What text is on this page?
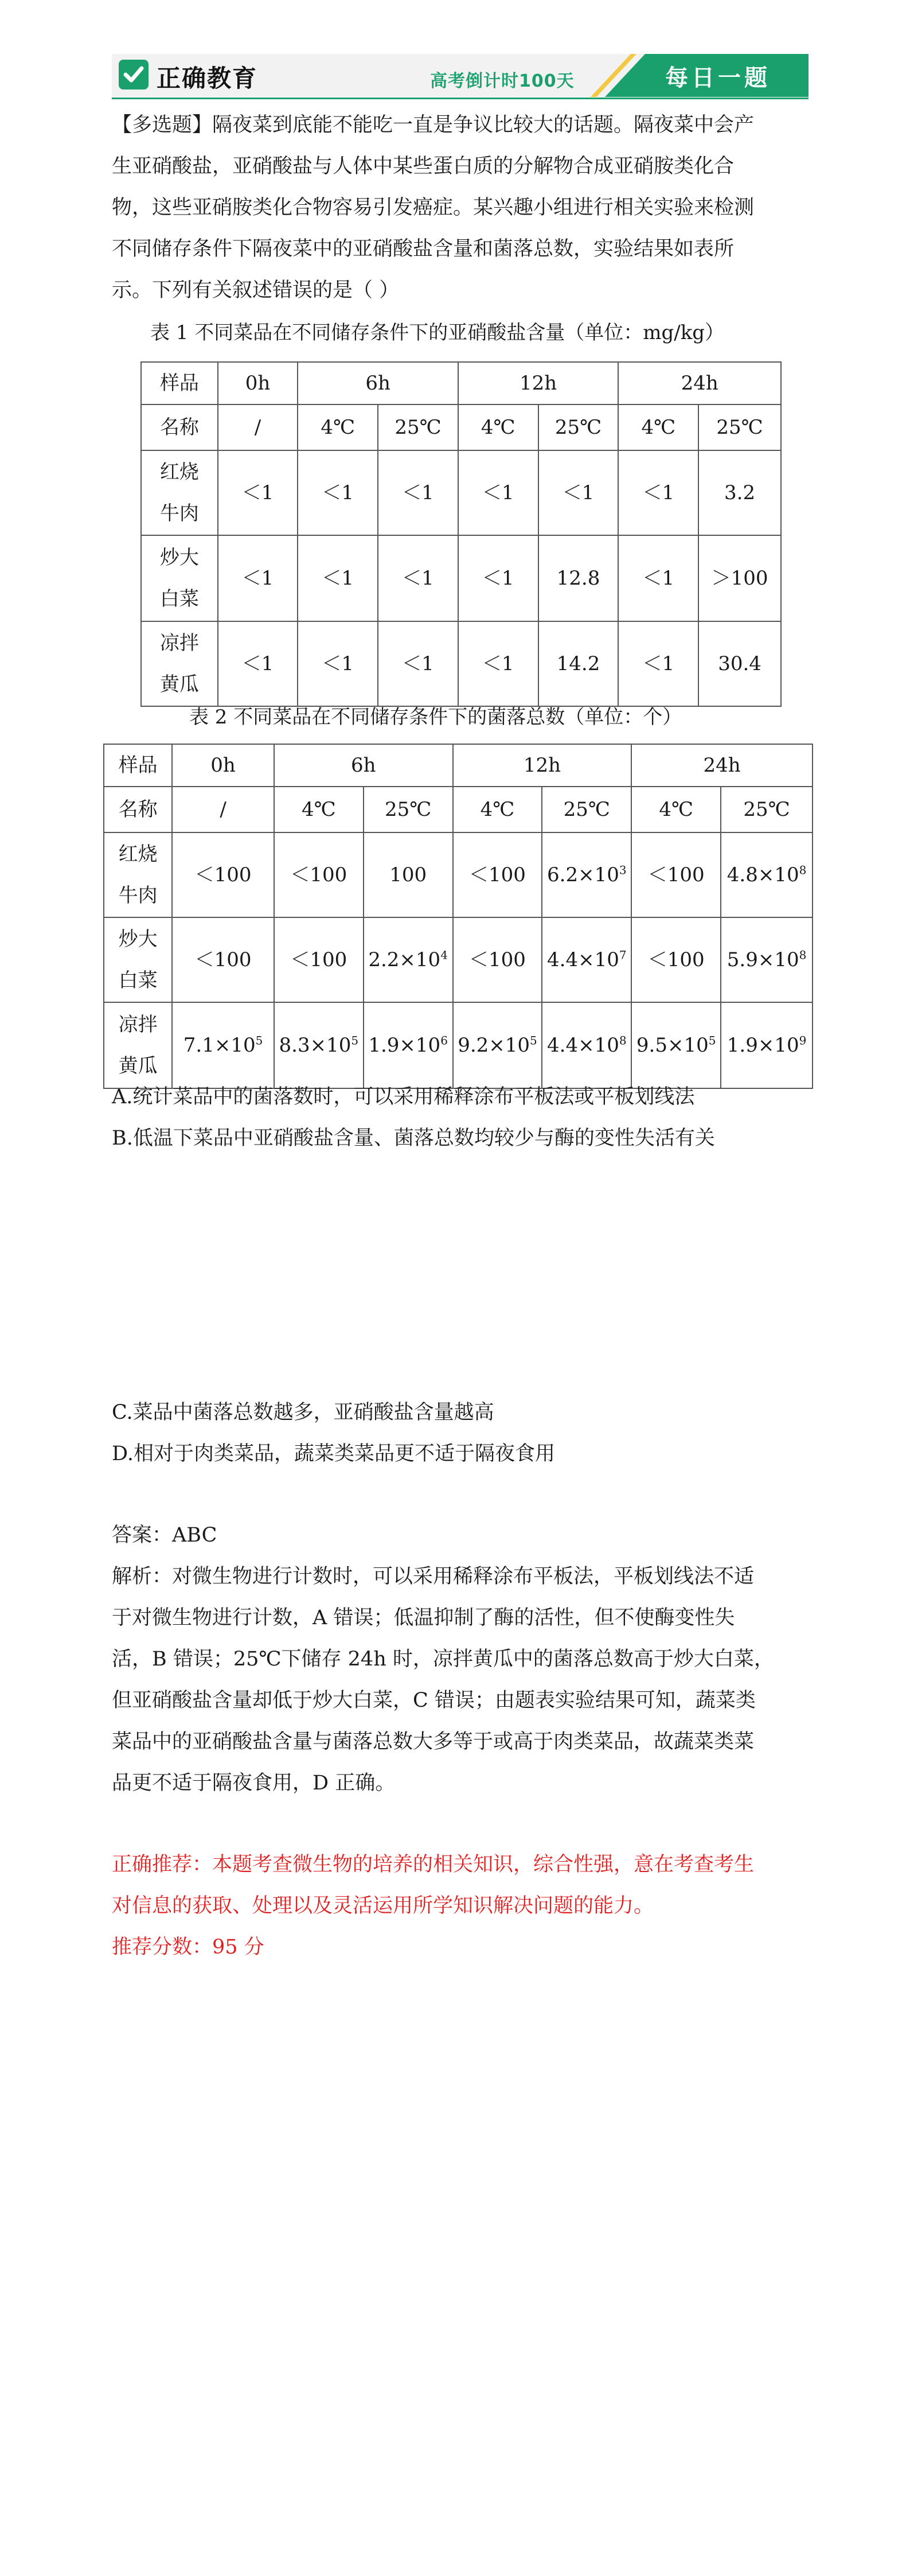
正确教育	高考倒计时100天	每日一题
【多选题】隔夜菜到底能不能吃一直是争议比较大的话题。隔夜菜中会产
生亚硝酸盐，亚硝酸盐与人体中某些蛋白质的分解物合成亚硝胺类化合
物，这些亚硝胺类化合物容易引发癌症。某兴趣小组进行相关实验来检测
不同储存条件下隔夜菜中的亚硝酸盐含量和菌落总数，实验结果如表所
示。下列有关叙述错误的是（ ）
表 1 不同菜品在不同储存条件下的亚硝酸盐含量（单位：mg/kg）
样品	0h	6h		12h		24h	
名称	/	4℃	25℃	4℃	25℃	4℃	25℃
红烧
牛肉	＜1	＜1	＜1	＜1	＜1	＜1	3.2
炒大
白菜	＜1	＜1	＜1	＜1	12.8	＜1	＞100
凉拌
黄瓜	＜1	＜1	＜1	＜1	14.2	＜1	30.4
表 2 不同菜品在不同储存条件下的菌落总数（单位：个）
样品	0h	6h		12h		24h	
名称	/	4℃	25℃	4℃	25℃	4℃	25℃
红烧
牛肉	＜100	＜100	100	＜100	$6.2\times 10^3$	＜100	$4.8\times 10^8$
炒大
白菜	＜100	＜100	$2.2\times 10^4$	＜100	$4.4\times 10^7$	＜100	$5.9\times 10^8$
凉拌
黄瓜	$7.1\times 10^5$	$8.3\times 10^5$	$1.9\times 10^6$	$9.2\times 10^5$	$4.4\times 10^8$	$9.5\times 10^5$	$1.9\times 10^9$
A.统计菜品中的菌落数时，可以采用稀释涂布平板法或平板划线法
B.低温下菜品中亚硝酸盐含量、菌落总数均较少与酶的变性失活有关
C.菜品中菌落总数越多，亚硝酸盐含量越高
D.相对于肉类菜品，蔬菜类菜品更不适于隔夜食用
答案：ABC
解析：对微生物进行计数时，可以采用稀释涂布平板法，平板划线法不适
于对微生物进行计数，A 错误；低温抑制了酶的活性，但不使酶变性失
活，B 错误；25℃下储存 24h 时，凉拌黄瓜中的菌落总数高于炒大白菜，
但亚硝酸盐含量却低于炒大白菜，C 错误；由题表实验结果可知，蔬菜类
菜品中的亚硝酸盐含量与菌落总数大多等于或高于肉类菜品，故蔬菜类菜
品更不适于隔夜食用，D 正确。
正确推荐：本题考查微生物的培养的相关知识，综合性强，意在考查考生
对信息的获取、处理以及灵活运用所学知识解决问题的能力。
推荐分数：95 分
